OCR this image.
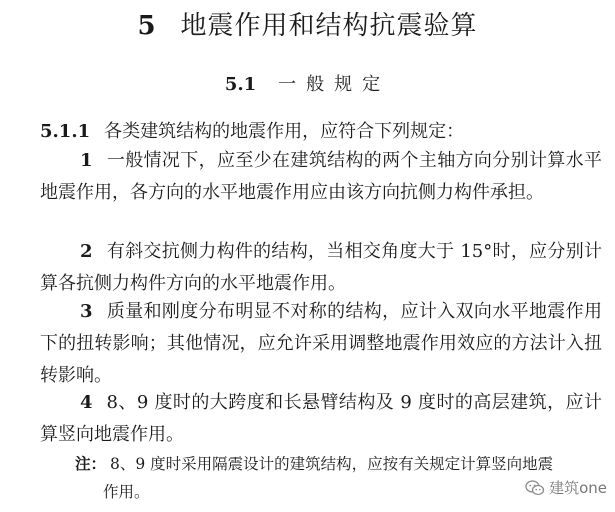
5 地震作用和结构抗震验算
5.1 一般规定
5.1.1 各类建筑结构的地震作用，应符合下列规定：
1 一般情况下，应至少在建筑结构的两个主轴方向分别计算水平地震作用，各方向的水平地震作用应由该方向抗侧力构件承担。
2 有斜交抗侧力构件的结构，当相交角度大于 15°时，应分别计算各抗侧力构件方向的水平地震作用。
3 质量和刚度分布明显不对称的结构，应计入双向水平地震作用下的扭转影响；其他情况，应允许采用调整地震作用效应的方法计入扭转影响。
4 8、9 度时的大跨度和长悬臂结构及 9 度时的高层建筑，应计算竖向地震作用。
注： 8、9 度时采用隔震设计的建筑结构，应按有关规定计算竖向地震
作用。	建筑one
